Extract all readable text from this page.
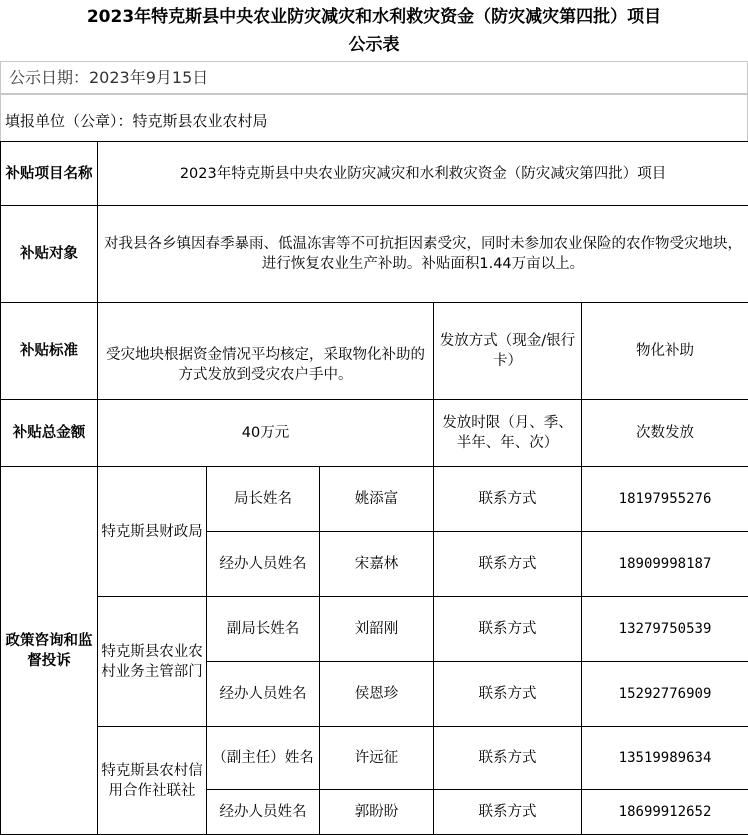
2023年特克斯县中央农业防灾减灾和水利救灾资金（防灾减灾第四批）项目
公示表
公示日期：2023年9月15日
填报单位（公章）：特克斯县农业农村局
补贴项目名称	2023年特克斯县中央农业防灾减灾和水利救灾资金（防灾减灾第四批）项目				
补贴对象	对我县各乡镇因春季暴雨、低温冻害等不可抗拒因素受灾，同时未参加农业保险的农作物受灾地块，进行恢复农业生产补助。补贴面积1.44万亩以上。				
补贴标准	受灾地块根据资金情况平均核定，采取物化补助的方式发放到受灾农户手中。			发放方式（现金/银行卡）	物化补助
补贴总金额	40万元			发放时限（月、季、半年、年、次）	次数发放
政策咨询和监督投诉	特克斯县财政局	局长姓名	姚添富	联系方式	18197955276
		经办人员姓名	宋嘉林	联系方式	18909998187
	特克斯县农业农村业务主管部门	副局长姓名	刘韶刚	联系方式	13279750539
		经办人员姓名	侯恩珍	联系方式	15292776909
	特克斯县农村信用合作社联社	（副主任）姓名	许远征	联系方式	13519989634
		经办人员姓名	郭盼盼	联系方式	18699912652
